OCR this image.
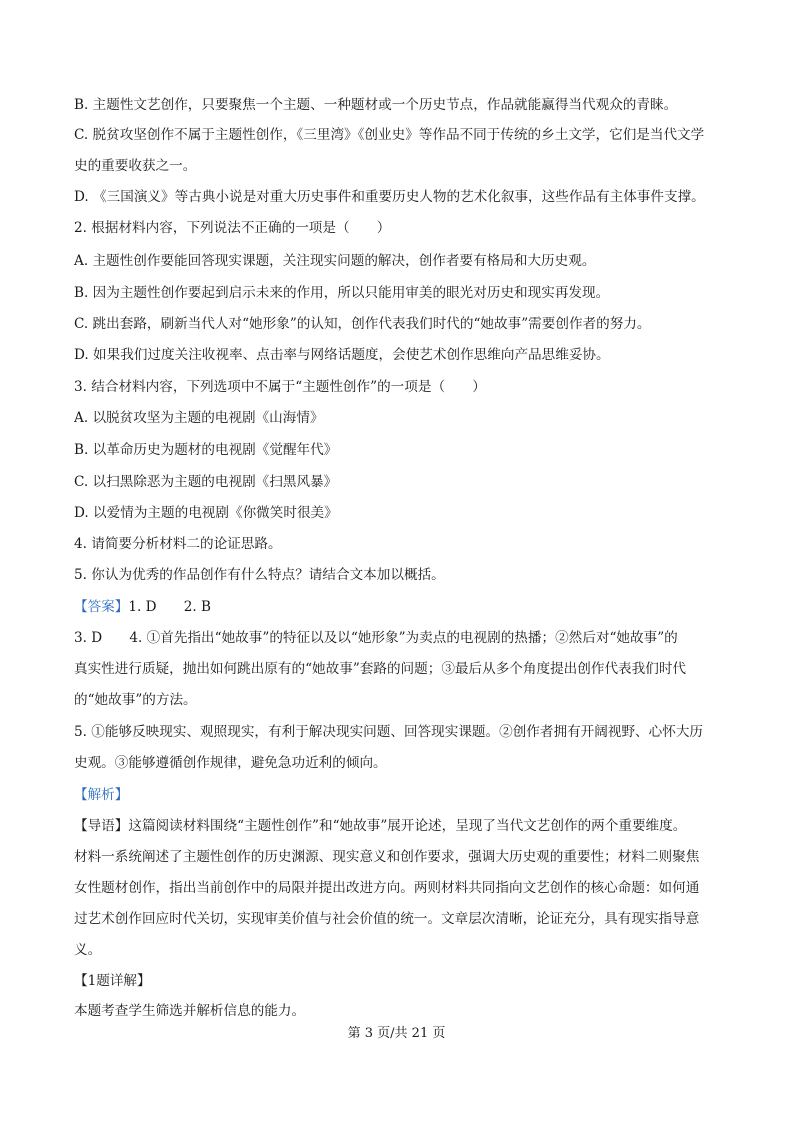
B. 主题性文艺创作，只要聚焦一个主题、一种题材或一个历史节点，作品就能赢得当代观众的青睐。
C. 脱贫攻坚创作不属于主题性创作，《三里湾》《创业史》等作品不同于传统的乡土文学，它们是当代文学
史的重要收获之一。
D. 《三国演义》等古典小说是对重大历史事件和重要历史人物的艺术化叙事，这些作品有主体事件支撑。
2. 根据材料内容，下列说法不正确的一项是（　　）
A. 主题性创作要能回答现实课题，关注现实问题的解决，创作者要有格局和大历史观。
B. 因为主题性创作要起到启示未来的作用，所以只能用审美的眼光对历史和现实再发现。
C. 跳出套路，刷新当代人对“她形象”的认知，创作代表我们时代的“她故事”需要创作者的努力。
D. 如果我们过度关注收视率、点击率与网络话题度，会使艺术创作思维向产品思维妥协。
3. 结合材料内容，下列选项中不属于“主题性创作”的一项是（　　）
A. 以脱贫攻坚为主题的电视剧《山海情》
B. 以革命历史为题材的电视剧《觉醒年代》
C. 以扫黑除恶为主题的电视剧《扫黑风暴》
D. 以爱情为主题的电视剧《你微笑时很美》
4. 请简要分析材料二的论证思路。
5. 你认为优秀的作品创作有什么特点？请结合文本加以概括。
【答案】1. D　　2. B
3. D　　4. ①首先指出“她故事”的特征以及以“她形象”为卖点的电视剧的热播；②然后对“她故事”的
真实性进行质疑，抛出如何跳出原有的“她故事”套路的问题；③最后从多个角度提出创作代表我们时代
的“她故事”的方法。
5. ①能够反映现实、观照现实，有利于解决现实问题、回答现实课题。②创作者拥有开阔视野、心怀大历
史观。③能够遵循创作规律，避免急功近利的倾向。
【解析】
【导语】这篇阅读材料围绕“主题性创作”和“她故事”展开论述，呈现了当代文艺创作的两个重要维度。
材料一系统阐述了主题性创作的历史渊源、现实意义和创作要求，强调大历史观的重要性；材料二则聚焦
女性题材创作，指出当前创作中的局限并提出改进方向。两则材料共同指向文艺创作的核心命题：如何通
过艺术创作回应时代关切，实现审美价值与社会价值的统一。文章层次清晰，论证充分，具有现实指导意
义。
【1题详解】
本题考查学生筛选并解析信息的能力。
第 3 页/共 21 页
